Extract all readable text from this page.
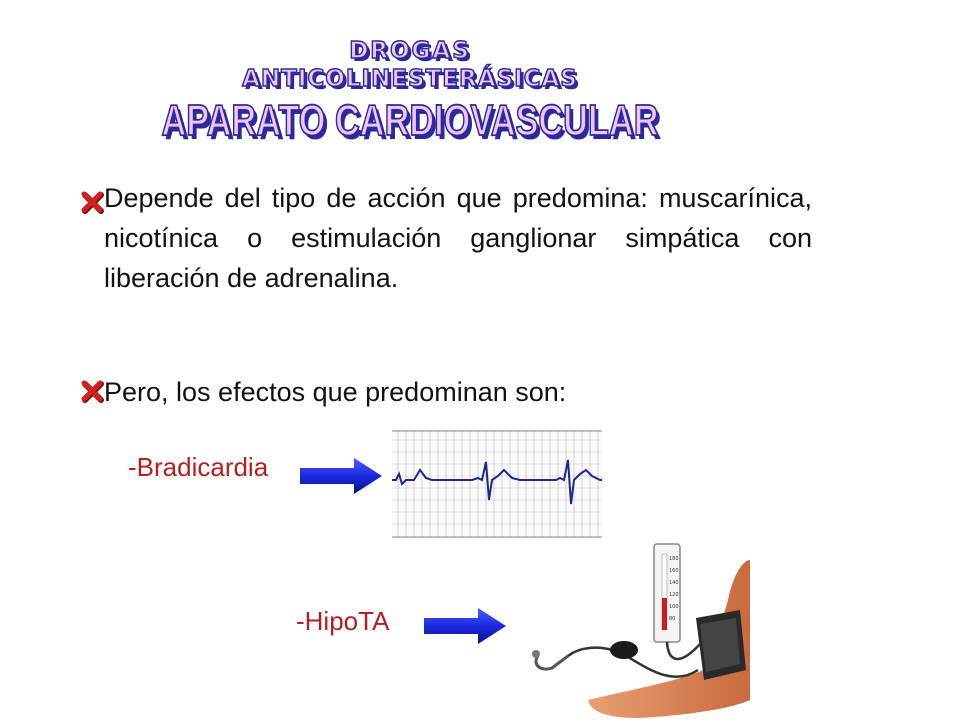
DROGAS
ANTICOLINESTERÁSICAS
APARATO CARDIOVASCULAR
Depende del tipo de acción que predomina: muscarínica, nicotínica o estimulación ganglionar simpática con liberación de adrenalina.
Pero, los efectos que predominan son:
-Bradicardia
-HipoTA
180
160
140
120
100
80
